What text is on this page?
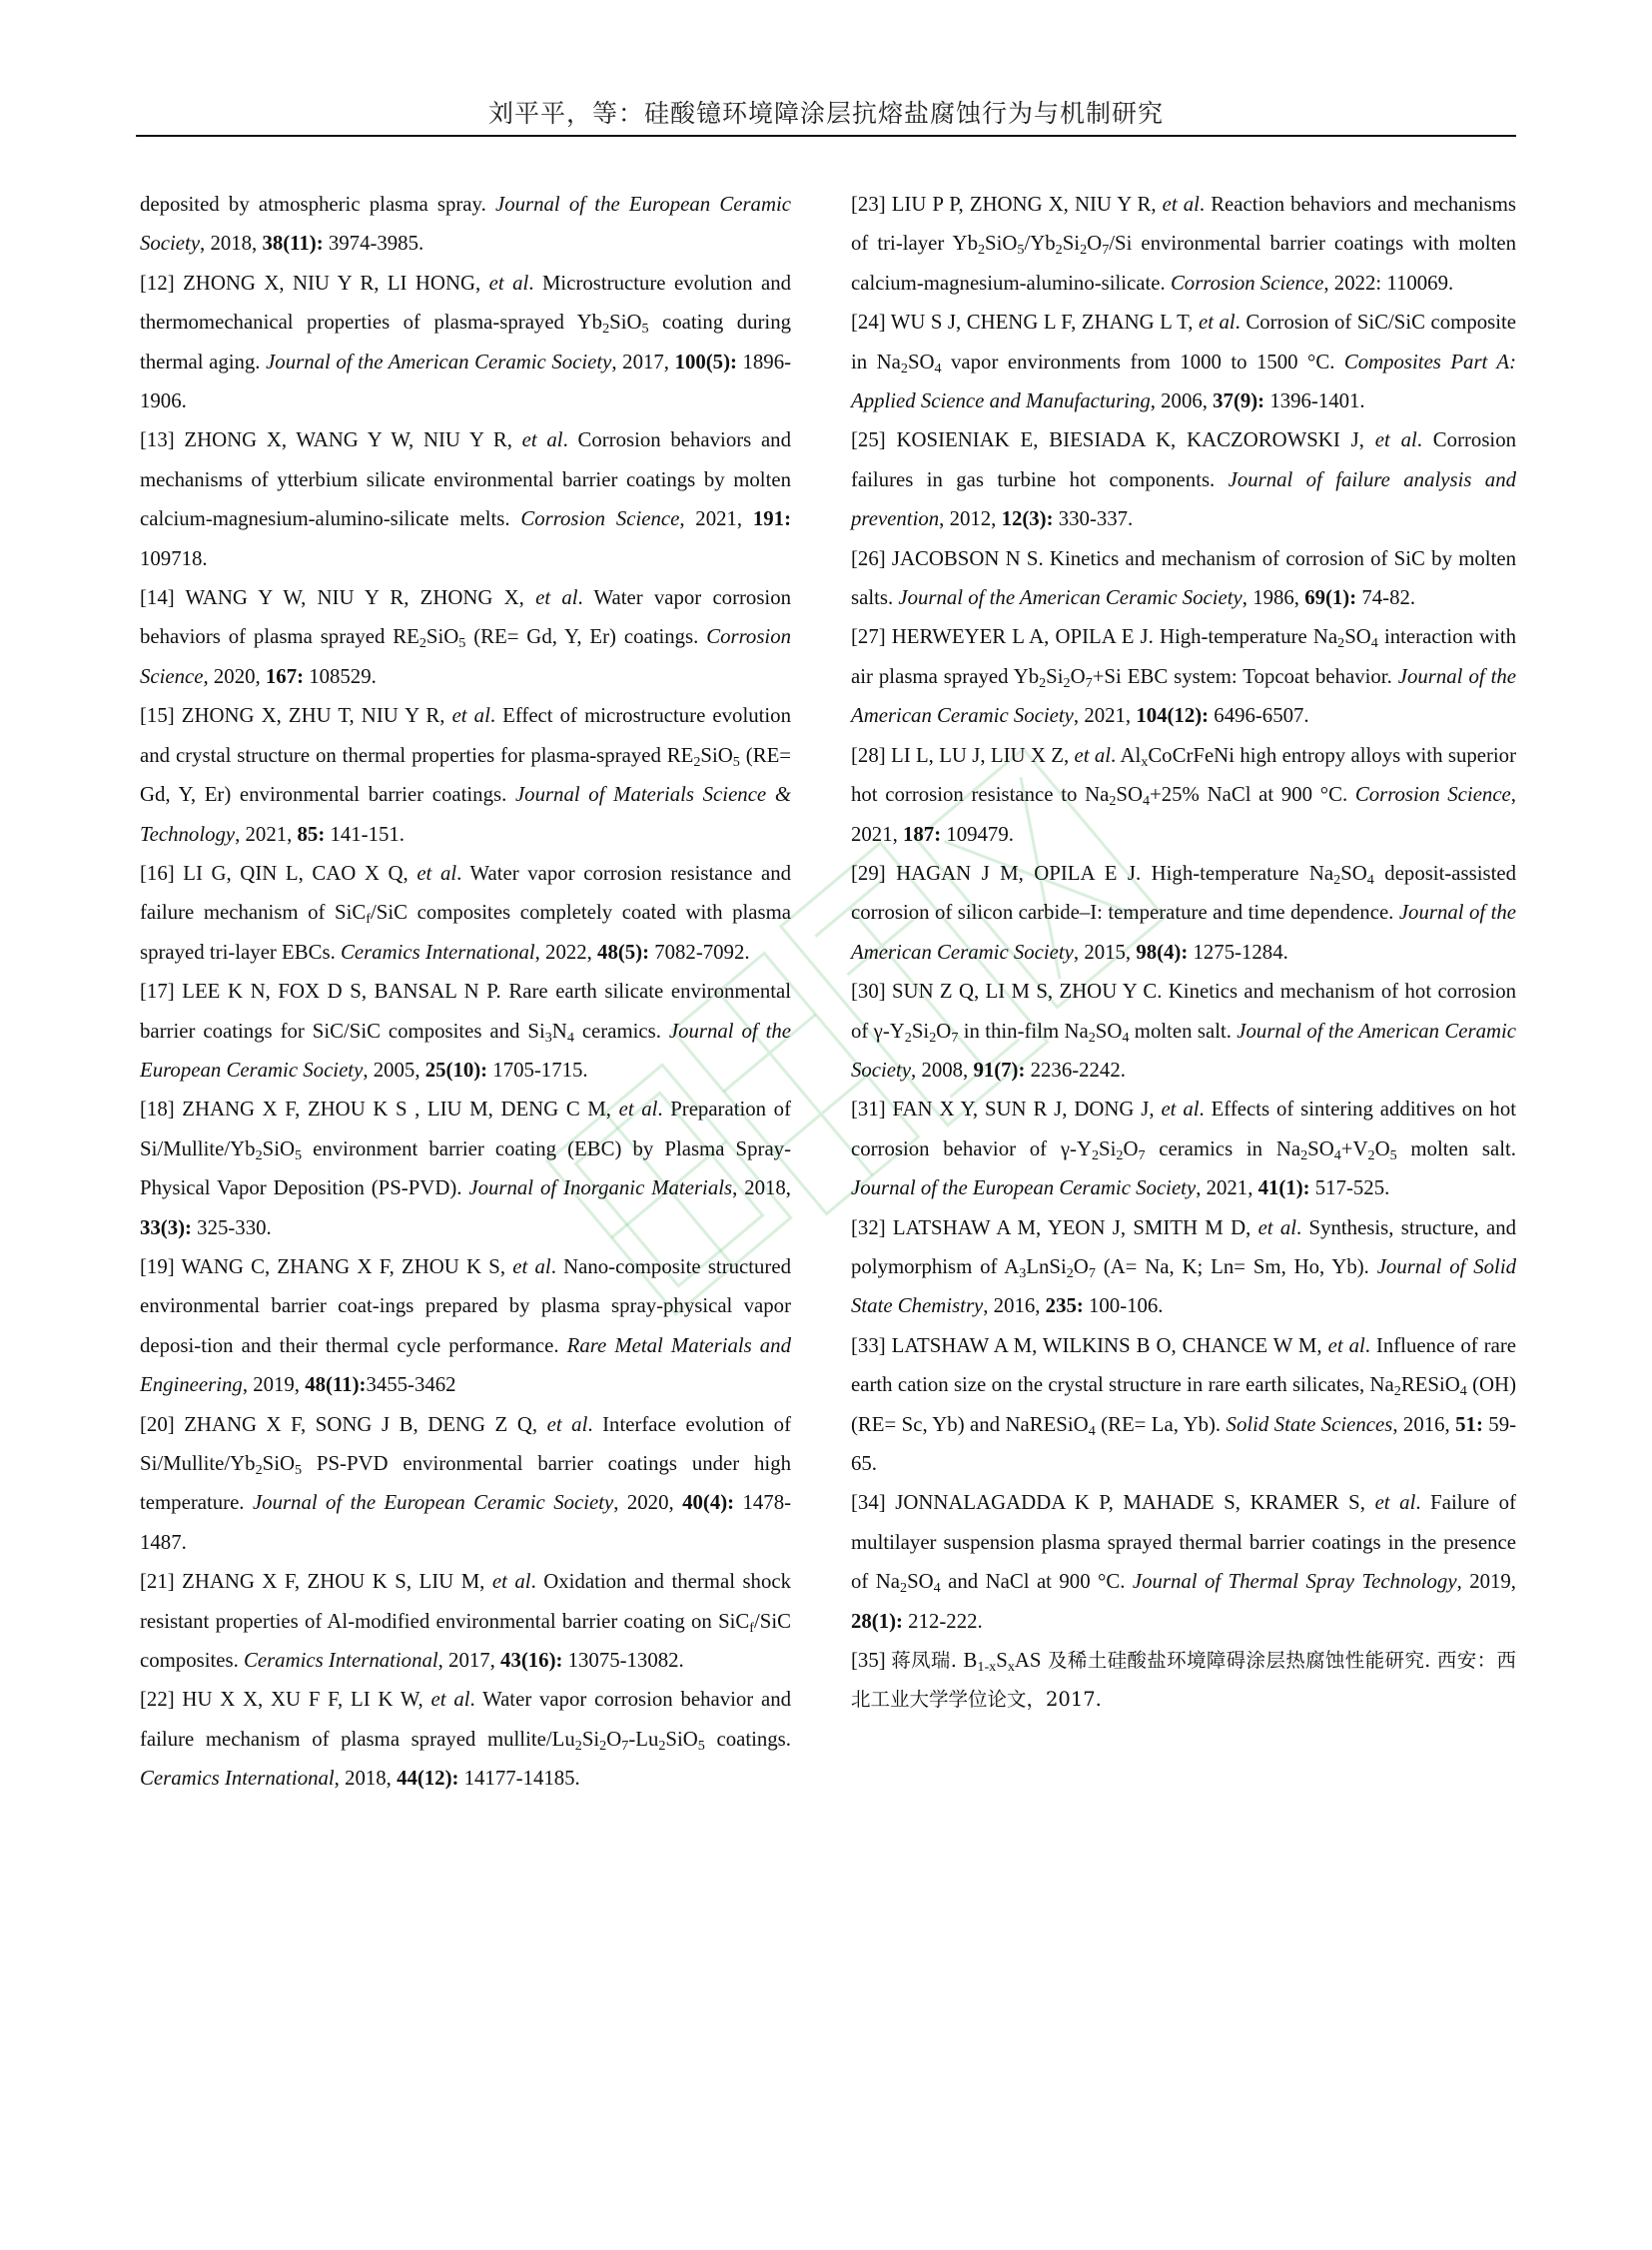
刘平平，等：硅酸镱环境障涂层抗熔盐腐蚀行为与机制研究

deposited by atmospheric plasma spray. Journal of the European Ceramic Society, 2018, 38(11): 3974-3985.

[12] ZHONG X, NIU Y R, LI HONG, et al. Microstructure evolution and thermomechanical properties of plasma-sprayed $Yb_2SiO_5$ coating during thermal aging. Journal of the American Ceramic Society, 2017, 100(5): 1896-1906.

[13] ZHONG X, WANG Y W, NIU Y R, et al. Corrosion behaviors and mechanisms of ytterbium silicate environmental barrier coatings by molten calcium-magnesium-alumino-silicate melts. Corrosion Science, 2021, 191: 109718.

[14] WANG Y W, NIU Y R, ZHONG X, et al. Water vapor corrosion behaviors of plasma sprayed $RE_2SiO_5$ (RE= Gd, Y, Er) coatings. Corrosion Science, 2020, 167: 108529.

[15] ZHONG X, ZHU T, NIU Y R, et al. Effect of microstructure evolution and crystal structure on thermal properties for plasma-sprayed $RE_2SiO_5$ (RE= Gd, Y, Er) environmental barrier coatings. Journal of Materials Science & Technology, 2021, 85: 141-151.

[16] LI G, QIN L, CAO X Q, et al. Water vapor corrosion resistance and failure mechanism of SiC$_f$/SiC composites completely coated with plasma sprayed tri-layer EBCs. Ceramics International, 2022, 48(5): 7082-7092.

[17] LEE K N, FOX D S, BANSAL N P. Rare earth silicate environmental barrier coatings for SiC/SiC composites and $Si_3N_4$ ceramics. Journal of the European Ceramic Society, 2005, 25(10): 1705-1715.

[18] ZHANG X F, ZHOU K S , LIU M, DENG C M, et al. Preparation of $Si/Mullite/Yb_2SiO_5$ environment barrier coating (EBC) by Plasma Spray-Physical Vapor Deposition (PS-PVD). Journal of Inorganic Materials, 2018, 33(3): 325-330.

[19] WANG C, ZHANG X F, ZHOU K S, et al. Nano-composite structured environmental barrier coat-ings prepared by plasma spray-physical vapor deposi-tion and their thermal cycle performance. Rare Metal Materials and Engineering, 2019, 48(11):3455-3462

[20] ZHANG X F, SONG J B, DENG Z Q, et al. Interface evolution of $Si/Mullite/Yb_2SiO_5$ PS-PVD environmental barrier coatings under high temperature. Journal of the European Ceramic Society, 2020, 40(4): 1478-1487.

[21] ZHANG X F, ZHOU K S, LIU M, et al. Oxidation and thermal shock resistant properties of Al-modified environmental barrier coating on SiC$_f$/SiC composites. Ceramics International, 2017, 43(16): 13075-13082.

[22] HU X X, XU F F, LI K W, et al. Water vapor corrosion behavior and failure mechanism of plasma sprayed mullite/$Lu_2Si_2O_7-Lu_2SiO_5$ coatings. Ceramics International, 2018, 44(12): 14177-14185.

[23] LIU P P, ZHONG X, NIU Y R, et al. Reaction behaviors and mechanisms of tri-layer $Yb_2SiO_5/Yb_2Si_2O_7/Si$ environmental barrier coatings with molten calcium-magnesium-alumino-silicate. Corrosion Science, 2022: 110069.

[24] WU S J, CHENG L F, ZHANG L T, et al. Corrosion of SiC/SiC composite in $Na_2SO_4$ vapor environments from 1000 to 1500 °C. Composites Part A: Applied Science and Manufacturing, 2006, 37(9): 1396-1401.

[25] KOSIENIAK E, BIESIADA K, KACZOROWSKI J, et al. Corrosion failures in gas turbine hot components. Journal of failure analysis and prevention, 2012, 12(3): 330-337.

[26] JACOBSON N S. Kinetics and mechanism of corrosion of SiC by molten salts. Journal of the American Ceramic Society, 1986, 69(1): 74-82.

[27] HERWEYER L A, OPILA E J. High-temperature $Na_2SO_4$ interaction with air plasma sprayed $Yb_2Si_2O_7+Si$ EBC system: Topcoat behavior. Journal of the American Ceramic Society, 2021, 104(12): 6496-6507.

[28] LI L, LU J, LIU X Z, et al. $Al_xCoCrFeNi$ high entropy alloys with superior hot corrosion resistance to $Na_2SO_4+25\%$ NaCl at 900 °C. Corrosion Science, 2021, 187: 109479.

[29] HAGAN J M, OPILA E J. High-temperature $Na_2SO_4$ deposit-assisted corrosion of silicon carbide–I: temperature and time dependence. Journal of the American Ceramic Society, 2015, 98(4): 1275-1284.

[30] SUN Z Q, LI M S, ZHOU Y C. Kinetics and mechanism of hot corrosion of $\gamma-Y_2Si_2O_7$ in thin-film $Na_2SO_4$ molten salt. Journal of the American Ceramic Society, 2008, 91(7): 2236-2242.

[31] FAN X Y, SUN R J, DONG J, et al. Effects of sintering additives on hot corrosion behavior of $\gamma-Y_2Si_2O_7$ ceramics in $Na_2SO_4+V_2O_5$ molten salt. Journal of the European Ceramic Society, 2021, 41(1): 517-525.

[32] LATSHAW A M, YEON J, SMITH M D, et al. Synthesis, structure, and polymorphism of $A_3LnSi_2O_7$ (A= Na, K; Ln= Sm, Ho, Yb). Journal of Solid State Chemistry, 2016, 235: 100-106.

[33] LATSHAW A M, WILKINS B O, CHANCE W M, et al. Influence of rare earth cation size on the crystal structure in rare earth silicates, $Na_2RESiO_4$ (OH) (RE= Sc, Yb) and NaRESiO$_4$ (RE= La, Yb). Solid State Sciences, 2016, 51: 59-65.

[34] JONNALAGADDA K P, MAHADE S, KRAMER S, et al. Failure of multilayer suspension plasma sprayed thermal barrier coatings in the presence of $Na_2SO_4$ and NaCl at 900 °C. Journal of Thermal Spray Technology, 2019, 28(1): 212-222.

[35] 蒋凤瑞. $B_{1-x}S_xAS$ 及稀土硅酸盐环境障碍涂层热腐蚀性能研究. 西安：西北工业大学学位论文，2017.
